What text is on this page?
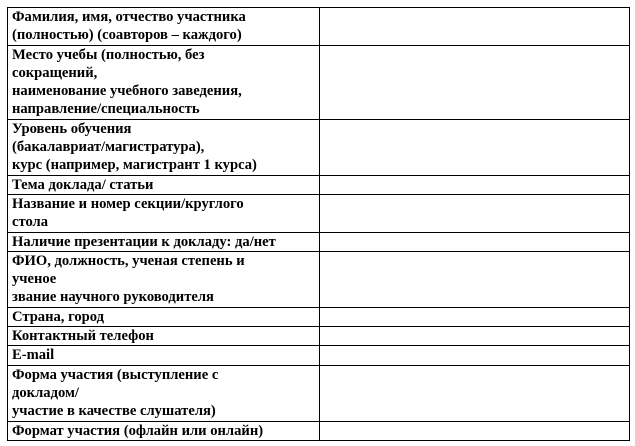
Фамилия, имя, отчество участника
(полностью) (соавторов – каждого)	

Место учебы (полностью, без
сокращений,
наименование учебного заведения,
направление/специальность	

Уровень обучения
(бакалавриат/магистратура),
курс (например, магистрант 1 курса)	

Тема доклада/ статьи	

Название и номер секции/круглого
стола	

Наличие презентации к докладу: да/нет	

ФИО, должность, ученая степень и
ученое
звание научного руководителя	

Страна, город	

Контактный телефон	

E-mail	

Форма участия (выступление с
докладом/
участие в качестве слушателя)	

Формат участия (офлайн или онлайн)	
